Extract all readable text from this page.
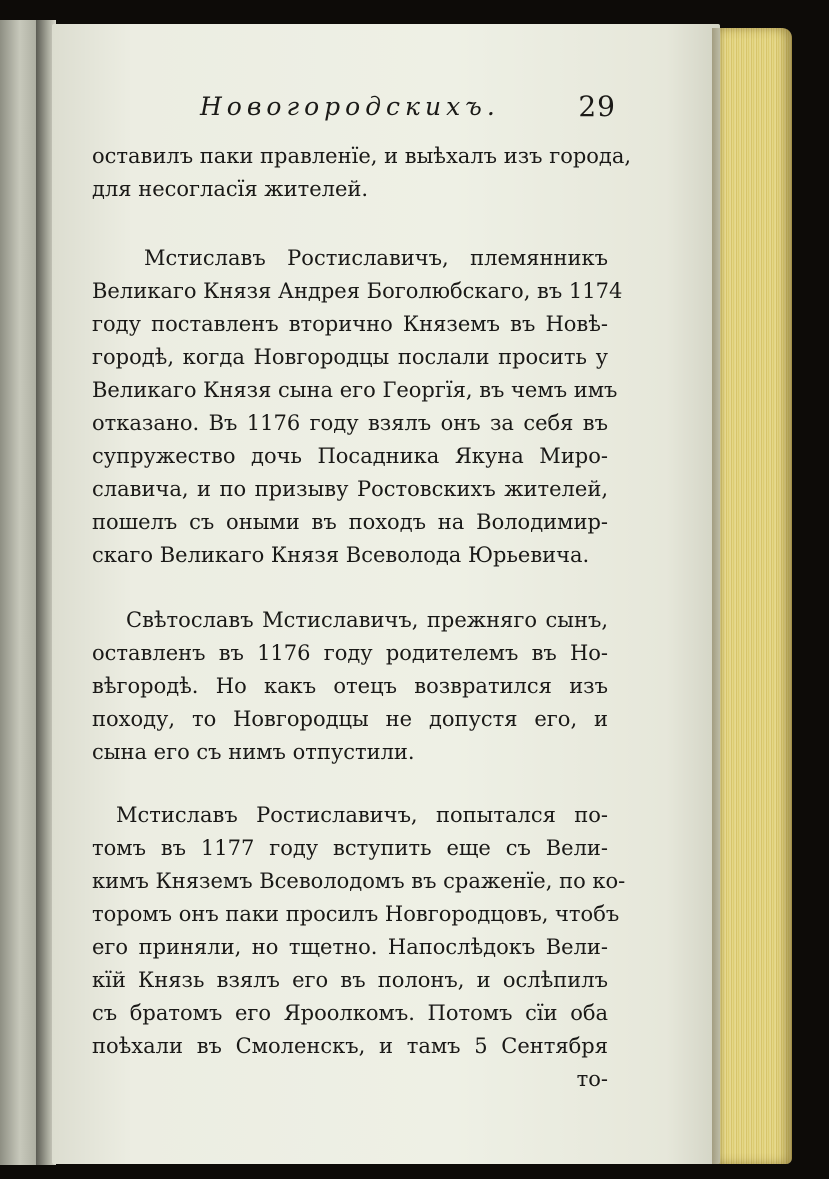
Новогородскихъ.	29
оставилъ паки правленїе, и выѣхалъ изъ города,
для несогласїя жителей.
Мстиславъ Ростиславичъ, племянникъ
Великаго Князя Андрея Боголюбскаго, въ 1174
году поставленъ вторично Княземъ въ Новѣ-
городѣ, когда Новгородцы послали просить у
Великаго Князя сына его Георгїя, въ чемъ имъ
отказано. Въ 1176 году взялъ онъ за себя въ
супружество дочь Посадника Якуна Миро-
славича, и по призыву Ростовскихъ жителей,
пошелъ съ оными въ походъ на Володимир-
скаго Великаго Князя Всеволода Юрьевича.
Свѣтославъ Мстиславичъ, прежняго сынъ,
оставленъ въ 1176 году родителемъ въ Но-
вѣгородѣ. Но какъ отецъ возвратился изъ
походу, то Новгородцы не допустя его, и
сына его съ нимъ отпустили.
Мстиславъ Ростиславичъ, попытался по-
томъ въ 1177 году вступить еще съ Вели-
кимъ Княземъ Всеволодомъ въ сраженїе, по ко-
торомъ онъ паки просилъ Новгородцовъ, чтобъ
его приняли, но тщетно. Напослѣдокъ Вели-
кїй Князь взялъ его въ полонъ, и ослѣпилъ
съ братомъ его Яроолкомъ. Потомъ сїи оба
поѣхали въ Смоленскъ, и тамъ 5 Сентября
то-
